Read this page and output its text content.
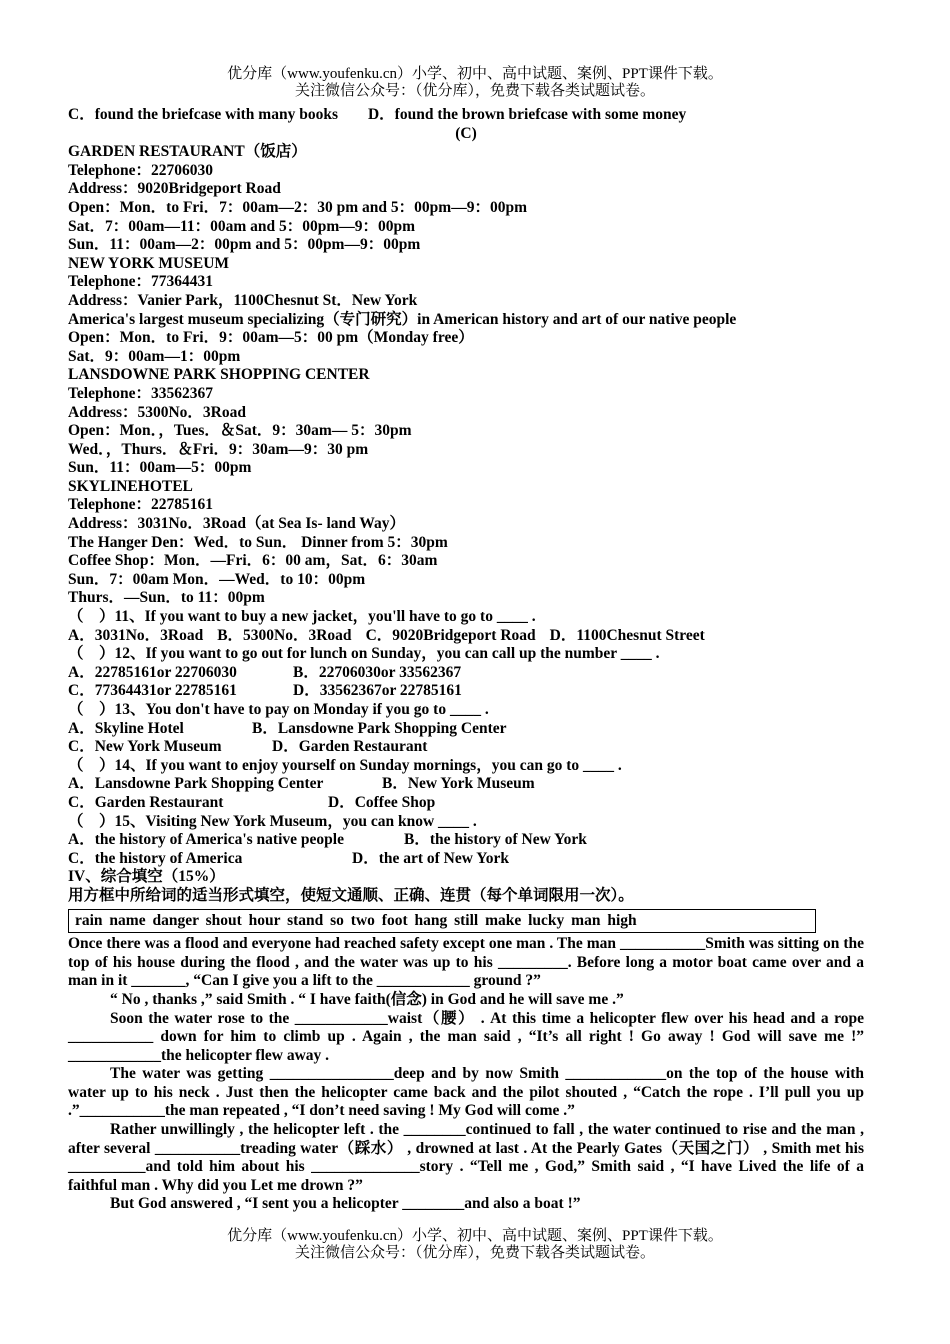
优分库（www.youfenku.cn）小学、初中、高中试题、案例、PPT课件下载。
关注微信公众号：（优分库），免费下载各类试题试卷。
C．found the briefcase with many books D．found the brown briefcase with some money
(C)
GARDEN RESTAURANT（饭店）
Telephone：22706030
Address：9020Bridgeport Road
Open：Mon．to Fri．7：00am—2：30 pm and 5：00pm—9：00pm
Sat．7：00am—11：00am and 5：00pm—9：00pm
Sun．11：00am—2：00pm and 5：00pm—9：00pm
NEW YORK MUSEUM
Telephone：77364431
Address：Vanier Park，1100Chesnut St．New York
America's largest museum specializing（专门研究）in American history and art of our native people
Open：Mon．to Fri．9：00am—5：00 pm（Monday free）
Sat．9：00am—1：00pm
LANSDOWNE PARK SHOPPING CENTER
Telephone：33562367
Address：5300No．3Road
Open：Mon．，Tues．＆Sat．9：30am— 5：30pm
Wed．，Thurs．＆Fri．9：30am—9：30 pm
Sun．11：00am—5：00pm
SKYLINEHOTEL
Telephone：22785161
Address：3031No．3Road（at Sea Is- land Way）
The Hanger Den：Wed．to Sun． Dinner from 5：30pm
Coffee Shop：Mon．—Fri．6：00 am，Sat．6：30am
Sun．7：00am Mon．—Wed．to 10：00pm
Thurs．—Sun．to 11：00pm
（　）11、If you want to buy a new jacket，you'll have to go to ____ .
A．3031No．3Road B．5300No．3Road C．9020Bridgeport Road D．1100Chesnut Street
（　）12、If you want to go out for lunch on Sunday，you can call up the number ____ .
A．22785161or 22706030	B．22706030or 33562367
C．77364431or 22785161	D．33562367or 22785161
（　）13、You don't have to pay on Monday if you go to ____ .
A．Skyline Hotel	B．Lansdowne Park Shopping Center
C．New York Museum	D．Garden Restaurant
（　）14、If you want to enjoy yourself on Sunday mornings，you can go to ____ .
A．Lansdowne Park Shopping Center	B．New York Museum
C．Garden Restaurant	D．Coffee Shop
（　）15、Visiting New York Museum，you can know ____ .
A．the history of America's native people	B．the history of New York
C．the history of America	D．the art of New York
IV、综合填空（15%）
用方框中所给词的适当形式填空，使短文通顺、正确、连贯（每个单词限用一次）。
rain name danger shout hour stand so two foot hang still make lucky man high
Once there was a flood and everyone had reached safety except one man . The man ___________Smith was sitting on the top of his house during the flood , and the water was up to his _________. Before long a motor boat came over and a man in it _______, “Can I give you a lift to the ____________ ground ?”
“ No , thanks ,” said Smith . “ I have faith(信念) in God and he will save me .”
Soon the water rose to the ____________waist（腰） . At this time a helicopter flew over his head and a rope ___________ down for him to climb up . Again , the man said , “It’s all right ! Go away ! God will save me !” ____________the helicopter flew away .
The water was getting ________________deep and by now Smith _____________on the top of the house with water up to his neck . Just then the helicopter came back and the pilot shouted , “Catch the rope . I’ll pull you up .”___________the man repeated , “I don’t need saving ! My God will come .”
Rather unwillingly , the helicopter left . the ________continued to fall , the water continued to rise and the man , after several ___________treading water（踩水） , drowned at last . At the Pearly Gates（天国之门） , Smith met his __________and told him about his ______________story . “Tell me , God,” Smith said , “I have Lived the life of a faithful man . Why did you Let me drown ?”
But God answered , “I sent you a helicopter ________and also a boat !”
优分库（www.youfenku.cn）小学、初中、高中试题、案例、PPT课件下载。
关注微信公众号：（优分库），免费下载各类试题试卷。
